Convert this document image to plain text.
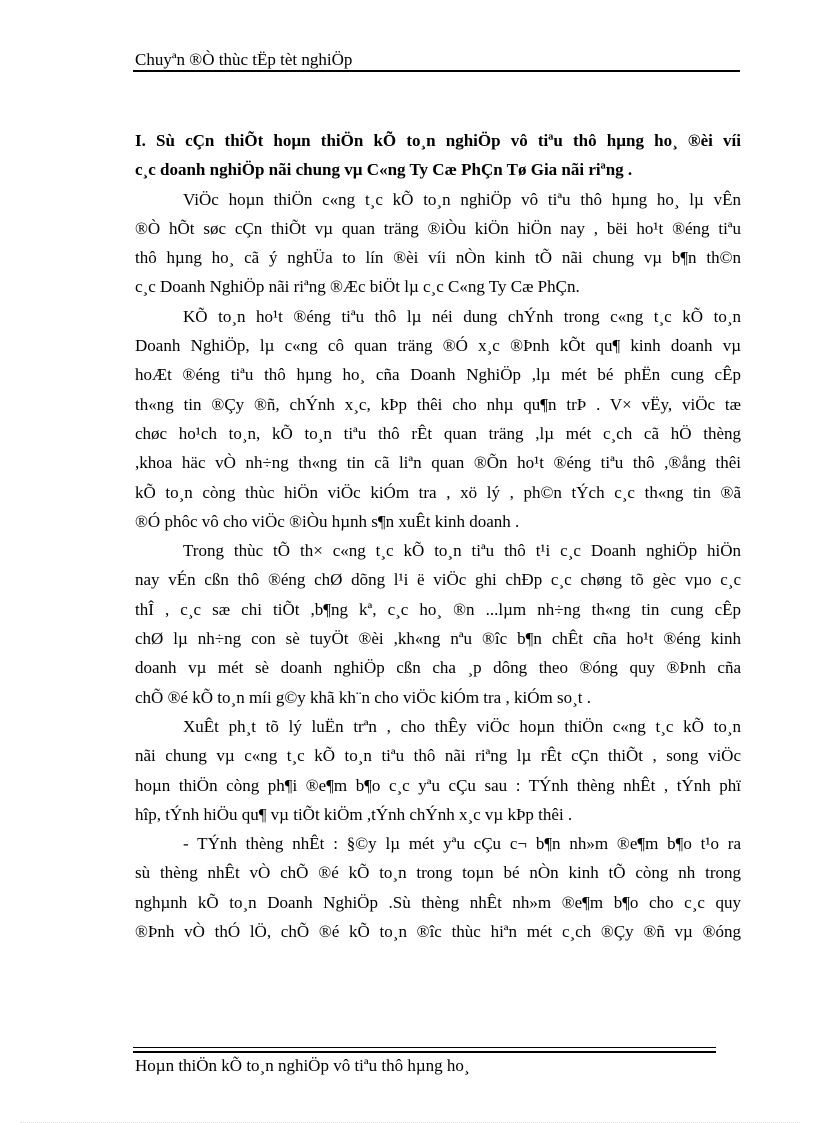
Chuyªn ®Ò thùc tËp tèt nghiÖp
I. Sù cÇn thiÕt hoµn thiÖn kÕ to¸n nghiÖp vô tiªu thô hµng ho¸ ®èi víi
c¸c doanh nghiÖp nãi chung vµ C«ng Ty Cæ PhÇn Tø Gia nãi riªng .
ViÖc hoµn thiÖn c«ng t¸c kÕ to¸n nghiÖp vô tiªu thô hµng ho¸ lµ vÊn
®Ò hÕt søc cÇn thiÕt vµ quan träng ®iÒu kiÖn hiÖn nay , bëi ho¹t ®éng tiªu
thô hµng ho¸ cã ý nghÜa to lín ®èi víi nÒn kinh tÕ nãi chung vµ b¶n th©n
c¸c Doanh NghiÖp nãi riªng ®Æc biÖt lµ c¸c C«ng Ty Cæ PhÇn.
KÕ to¸n ho¹t ®éng tiªu thô lµ néi dung chÝnh trong c«ng t¸c kÕ to¸n
Doanh NghiÖp, lµ c«ng cô quan träng ®Ó x¸c ®Þnh kÕt qu¶ kinh doanh vµ
hoÆt ®éng tiªu thô hµng ho¸ cña Doanh NghiÖp ,lµ mét bé phËn cung cÊp
th«ng tin ®Çy ®ñ, chÝnh x¸c, kÞp thêi cho nhµ qu¶n trÞ . V× vËy, viÖc tæ
chøc ho¹ch to¸n, kÕ to¸n tiªu thô rÊt quan träng ,lµ mét c¸ch cã hÖ thèng
,khoa häc vÒ nh÷ng th«ng tin cã liªn quan ®Õn ho¹t ®éng tiªu thô ,®ång thêi
kÕ to¸n còng thùc hiÖn viÖc kiÓm tra , xö lý , ph©n tÝch c¸c th«ng tin ®ã
®Ó phôc vô cho viÖc ®iÒu hµnh s¶n xuÊt kinh doanh .
Trong thùc tÕ th× c«ng t¸c kÕ to¸n tiªu thô t¹i c¸c Doanh nghiÖp hiÖn
nay vÉn cßn thô ®éng chØ dõng l¹i ë viÖc ghi chÐp c¸c chøng tõ gèc vµo c¸c
thÎ , c¸c sæ chi tiÕt ,b¶ng kª, c¸c ho¸ ®n ...lµm nh÷ng th«ng tin cung cÊp
chØ lµ nh÷ng con sè tuyÖt ®èi ,kh«ng nªu ®îc b¶n chÊt cña ho¹t ®éng kinh
doanh vµ mét sè doanh nghiÖp cßn cha ¸p dông theo ®óng quy ®Þnh cña
chÕ ®é kÕ to¸n míi g©y khã kh¨n cho viÖc kiÓm tra , kiÓm so¸t .
XuÊt ph¸t tõ lý luËn trªn , cho thÊy viÖc hoµn thiÖn c«ng t¸c kÕ to¸n
nãi chung vµ c«ng t¸c kÕ to¸n tiªu thô nãi riªng lµ rÊt cÇn thiÕt , song viÖc
hoµn thiÖn còng ph¶i ®e¶m b¶o c¸c yªu cÇu sau : TÝnh thèng nhÊt , tÝnh phï
hîp, tÝnh hiÖu qu¶ vµ tiÕt kiÖm ,tÝnh chÝnh x¸c vµ kÞp thêi .
- TÝnh thèng nhÊt : §©y lµ mét yªu cÇu c¬ b¶n nh»m ®e¶m b¶o t¹o ra
sù thèng nhÊt vÒ chÕ ®é kÕ to¸n trong toµn bé nÒn kinh tÕ còng nh trong
nghµnh kÕ to¸n Doanh NghiÖp .Sù thèng nhÊt nh»m ®e¶m b¶o cho c¸c quy
®Þnh vÒ thÓ lÖ, chÕ ®é kÕ to¸n ®îc thùc hiªn mét c¸ch ®Çy ®ñ vµ ®óng
Hoµn thiÖn kÕ to¸n nghiÖp vô tiªu thô hµng ho¸
